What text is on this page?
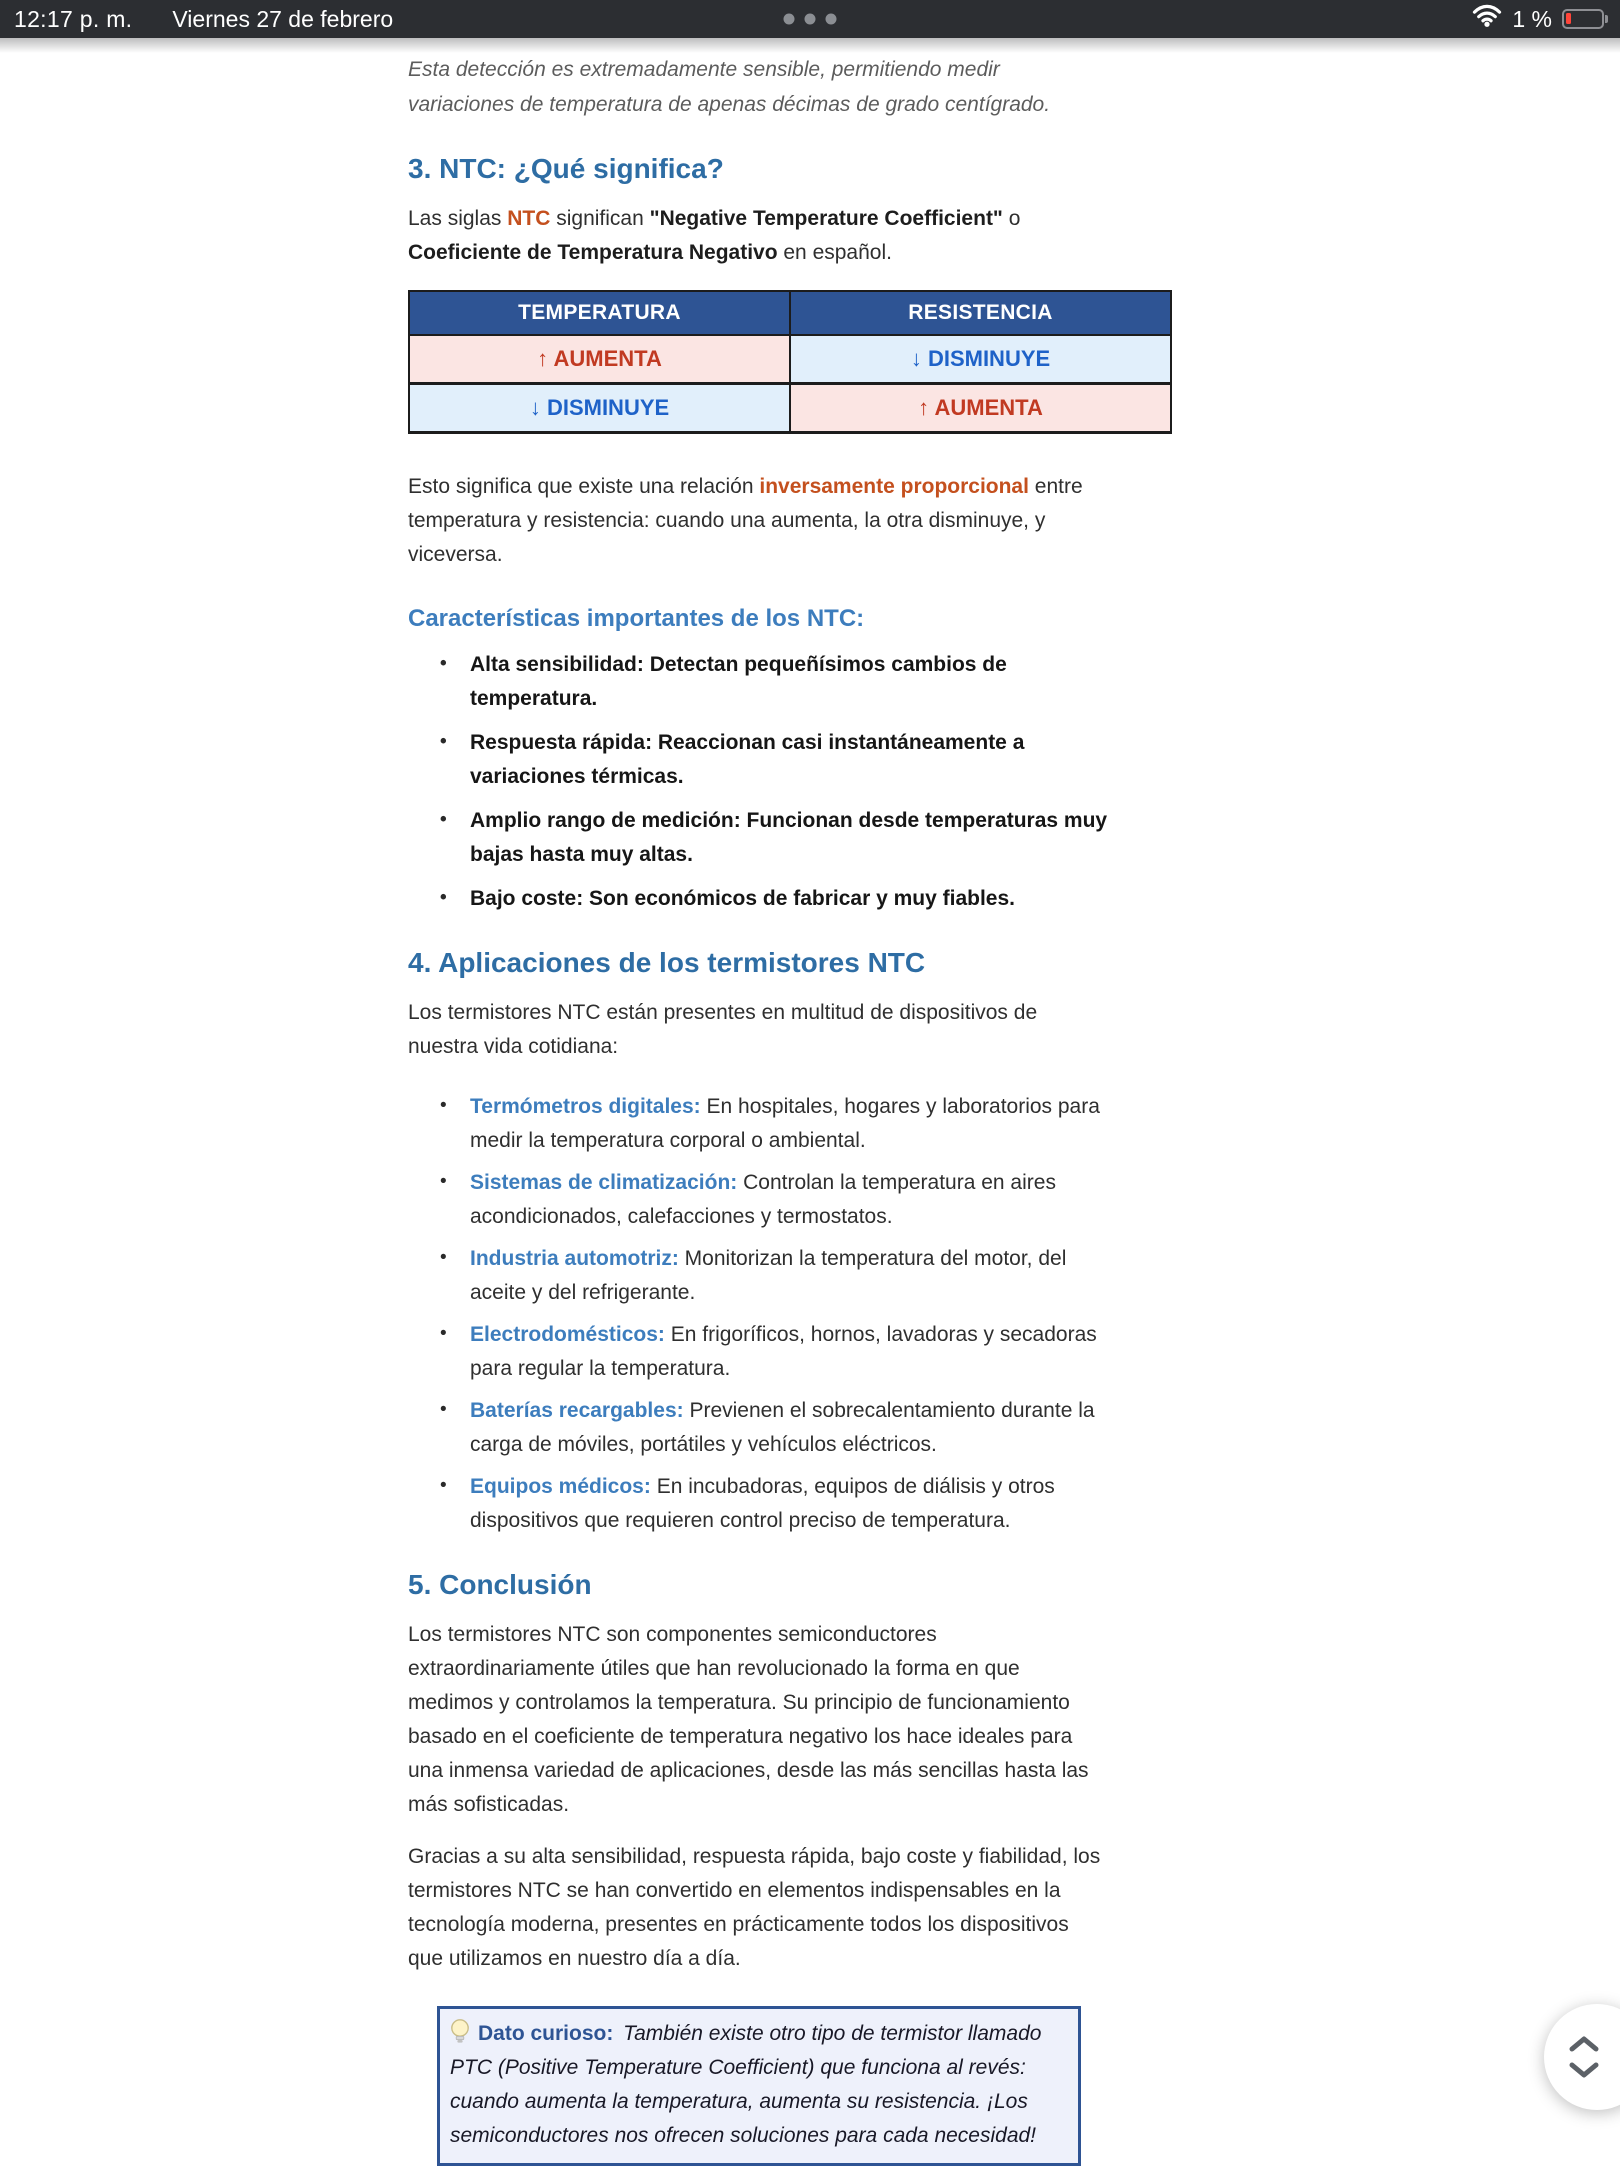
12:17 p. m. Viernes 27 de febrero	1 %

Esta detección es extremadamente sensible, permitiendo medir variaciones de temperatura de apenas décimas de grado centígrado.

3. NTC: ¿Qué significa?

Las siglas NTC significan "Negative Temperature Coefficient" o Coeficiente de Temperatura Negativo en español.

TEMPERATURA	RESISTENCIA
↑ AUMENTA	↓ DISMINUYE
↓ DISMINUYE	↑ AUMENTA

Esto significa que existe una relación inversamente proporcional entre temperatura y resistencia: cuando una aumenta, la otra disminuye, y viceversa.

Características importantes de los NTC:
• Alta sensibilidad: Detectan pequeñísimos cambios de temperatura.
• Respuesta rápida: Reaccionan casi instantáneamente a variaciones térmicas.
• Amplio rango de medición: Funcionan desde temperaturas muy bajas hasta muy altas.
• Bajo coste: Son económicos de fabricar y muy fiables.
4. Aplicaciones de los termistores NTC

Los termistores NTC están presentes en multitud de dispositivos de nuestra vida cotidiana:

• Termómetros digitales: En hospitales, hogares y laboratorios para medir la temperatura corporal o ambiental.
• Sistemas de climatización: Controlan la temperatura en aires acondicionados, calefacciones y termostatos.
• Industria automotriz: Monitorizan la temperatura del motor, del aceite y del refrigerante.
• Electrodomésticos: En frigoríficos, hornos, lavadoras y secadoras para regular la temperatura.
• Baterías recargables: Previenen el sobrecalentamiento durante la carga de móviles, portátiles y vehículos eléctricos.
• Equipos médicos: En incubadoras, equipos de diálisis y otros dispositivos que requieren control preciso de temperatura.
5. Conclusión

Los termistores NTC son componentes semiconductores extraordinariamente útiles que han revolucionado la forma en que medimos y controlamos la temperatura. Su principio de funcionamiento basado en el coeficiente de temperatura negativo los hace ideales para una inmensa variedad de aplicaciones, desde las más sencillas hasta las más sofisticadas.

Gracias a su alta sensibilidad, respuesta rápida, bajo coste y fiabilidad, los termistores NTC se han convertido en elementos indispensables en la tecnología moderna, presentes en prácticamente todos los dispositivos que utilizamos en nuestro día a día.

Dato curioso: También existe otro tipo de termistor llamado PTC (Positive Temperature Coefficient) que funciona al revés: cuando aumenta la temperatura, aumenta su resistencia. ¡Los semiconductores nos ofrecen soluciones para cada necesidad!
